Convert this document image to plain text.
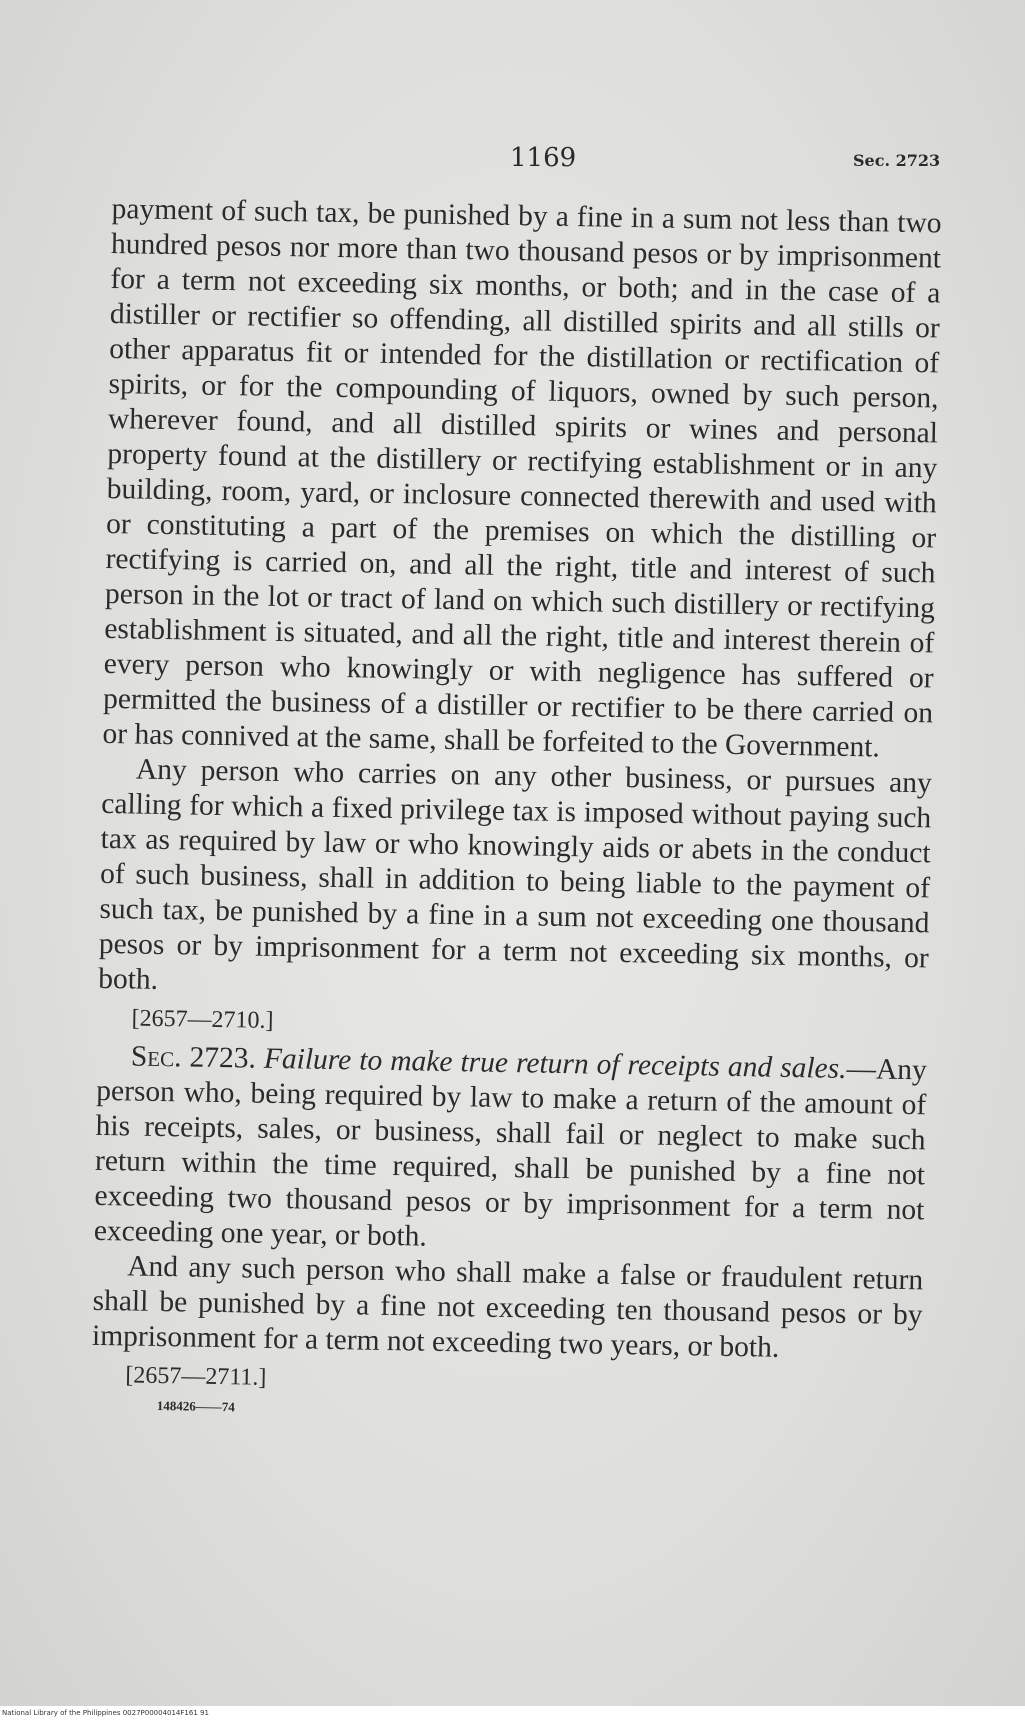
1169	Sec. 2723

payment of such tax, be punished by a fine in a sum not less than two hundred pesos nor more than two thousand pesos or by imprisonment for a term not exceeding six months, or both; and in the case of a distiller or rectifier so offending, all distilled spirits and all stills or other apparatus fit or intended for the distillation or rectification of spirits, or for the compounding of liquors, owned by such person, wherever found, and all distilled spirits or wines and personal property found at the distillery or rectifying establishment or in any building, room, yard, or inclosure connected therewith and used with or constituting a part of the premises on which the distilling or rectifying is carried on, and all the right, title and interest of such person in the lot or tract of land on which such distillery or rectifying establishment is situated, and all the right, title and interest therein of every person who knowingly or with negligence has suffered or permitted the business of a distiller or rectifier to be there carried on or has connived at the same, shall be forfeited to the Government.

Any person who carries on any other business, or pursues any calling for which a fixed privilege tax is imposed without paying such tax as required by law or who knowingly aids or abets in the conduct of such business, shall in addition to being liable to the payment of such tax, be punished by a fine in a sum not exceeding one thousand pesos or by imprisonment for a term not exceeding six months, or both.

[2657—2710.]

Sec. 2723. Failure to make true return of receipts and sales.—Any person who, being required by law to make a return of the amount of his receipts, sales, or business, shall fail or neglect to make such return within the time required, shall be punished by a fine not exceeding two thousand pesos or by imprisonment for a term not exceeding one year, or both.

And any such person who shall make a false or fraudulent return shall be punished by a fine not exceeding ten thousand pesos or by imprisonment for a term not exceeding two years, or both.

[2657—2711.]

148426——74

National Library of the Philippines 0027P00004014F161 91
